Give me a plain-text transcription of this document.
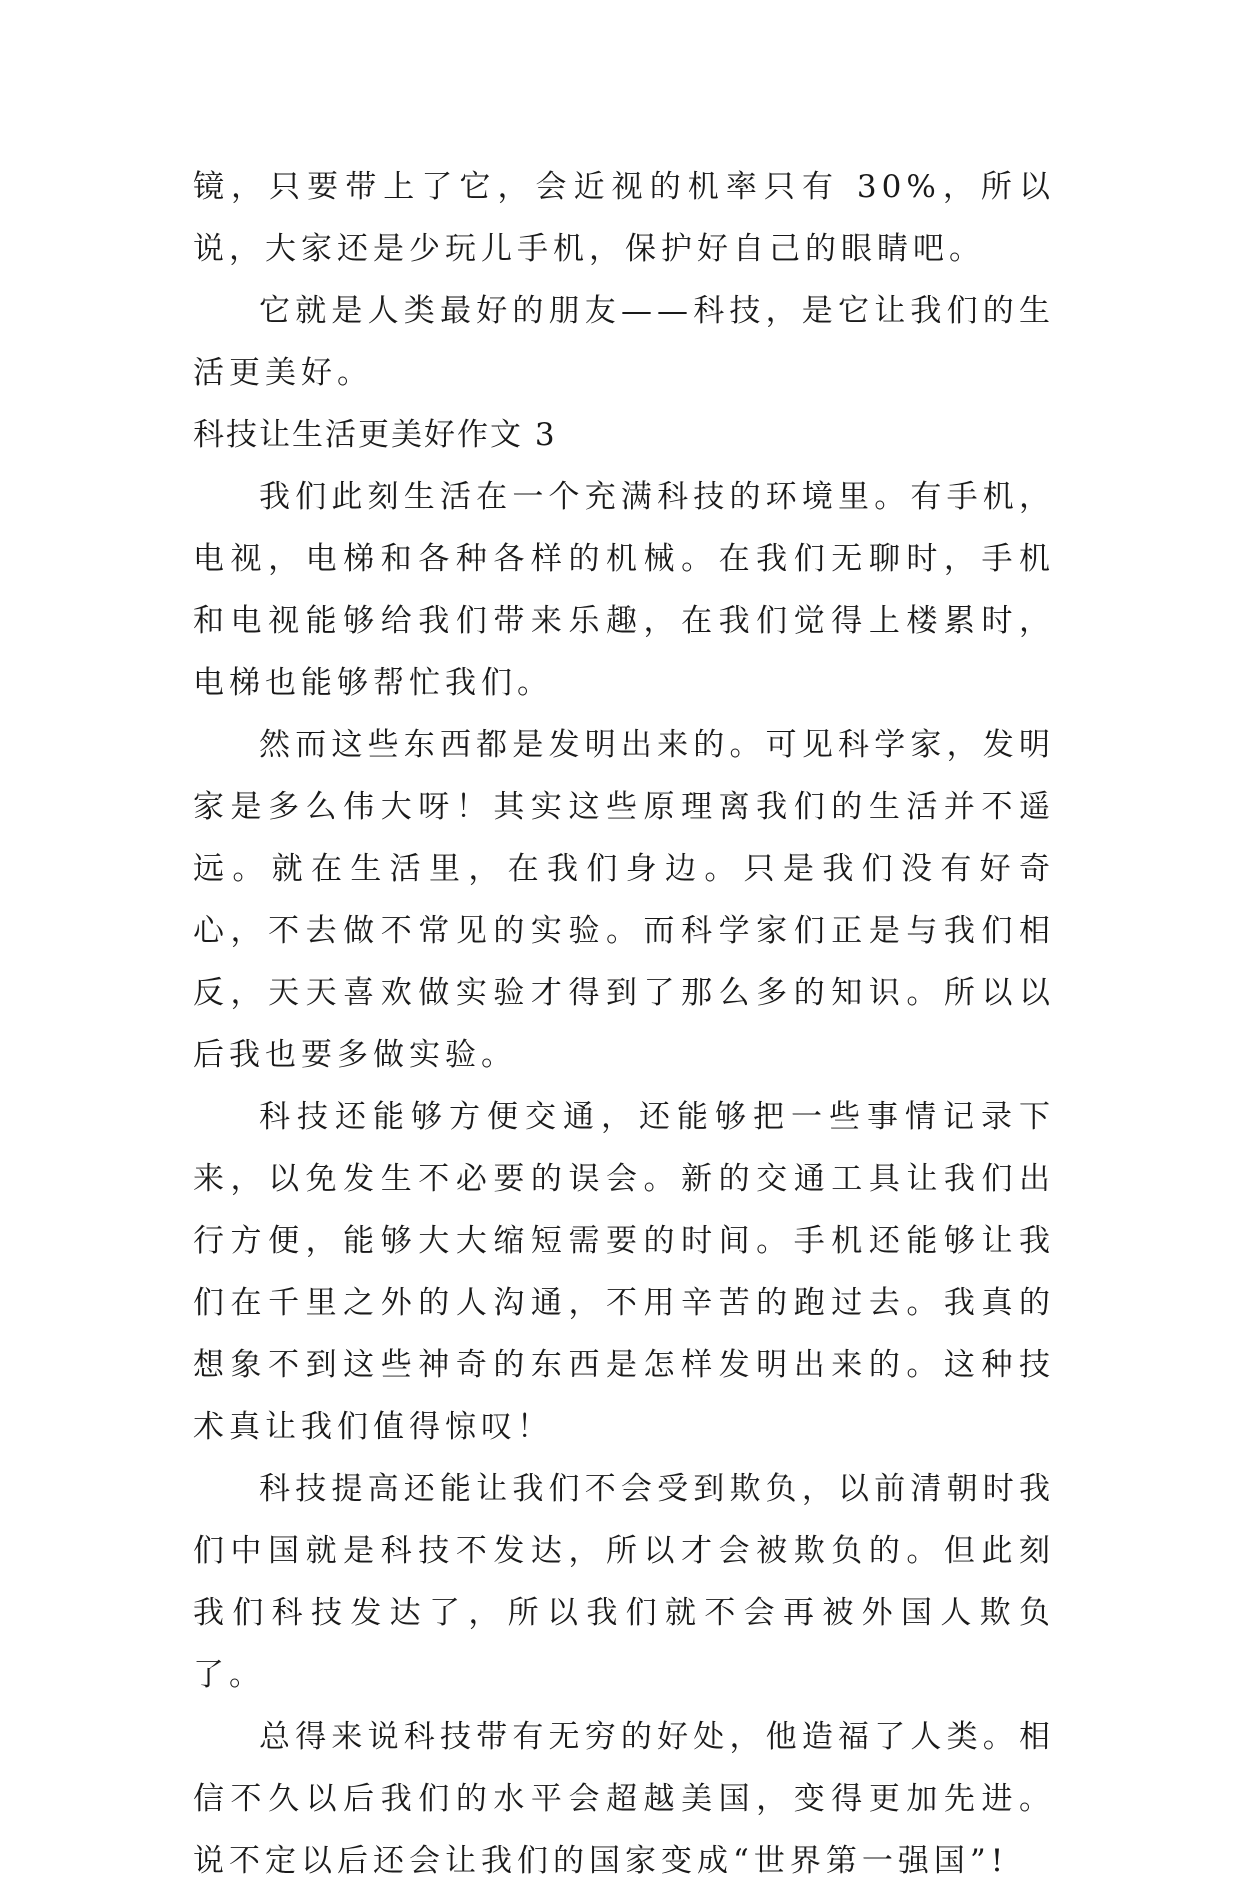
镜，只要带上了它，会近视的机率只有 30%，所以说，大家还是少玩儿手机，保护好自己的眼睛吧。

它就是人类最好的朋友——科技，是它让我们的生活更美好。

科技让生活更美好作文 3

我们此刻生活在一个充满科技的环境里。有手机，电视，电梯和各种各样的机械。在我们无聊时，手机和电视能够给我们带来乐趣，在我们觉得上楼累时，电梯也能够帮忙我们。

然而这些东西都是发明出来的。可见科学家，发明家是多么伟大呀！其实这些原理离我们的生活并不遥远。就在生活里，在我们身边。只是我们没有好奇心，不去做不常见的实验。而科学家们正是与我们相反，天天喜欢做实验才得到了那么多的知识。所以以后我也要多做实验。

科技还能够方便交通，还能够把一些事情记录下来，以免发生不必要的误会。新的交通工具让我们出行方便，能够大大缩短需要的时间。手机还能够让我们在千里之外的人沟通，不用辛苦的跑过去。我真的想象不到这些神奇的东西是怎样发明出来的。这种技术真让我们值得惊叹！

科技提高还能让我们不会受到欺负，以前清朝时我们中国就是科技不发达，所以才会被欺负的。但此刻我们科技发达了，所以我们就不会再被外国人欺负了。

总得来说科技带有无穷的好处，他造福了人类。相信不久以后我们的水平会超越美国，变得更加先进。说不定以后还会让我们的国家变成“世界第一强国”!
